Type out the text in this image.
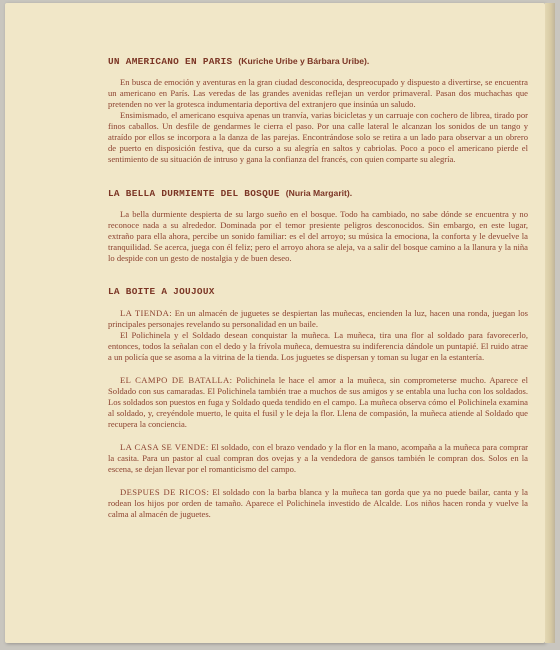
UN AMERICANO EN PARIS (Kuriche Uribe y Bárbara Uribe).

En busca de emoción y aventuras en la gran ciudad desconocida, despreocupado y dispuesto a divertirse, se encuentra un americano en París. Las veredas de las grandes avenidas reflejan un verdor primaveral. Pasan dos muchachas que pretenden no ver la grotesca indumentaria deportiva del extranjero que insinúa un saludo.

Ensimismado, el americano esquiva apenas un tranvía, varias bicicletas y un carruaje con cochero de librea, tirado por finos caballos. Un desfile de gendarmes le cierra el paso. Por una calle lateral le alcanzan los sonidos de un tango y atraído por ellos se incorpora a la danza de las parejas. Encontrándose solo se retira a un lado para observar a un obrero de puerto en disposición festiva, que da curso a su alegría en saltos y cabriolas. Poco a poco el americano pierde el sentimiento de su situación de intruso y gana la confianza del francés, con quien comparte su alegría.

LA BELLA DURMIENTE DEL BOSQUE (Nuria Margarit).

La bella durmiente despierta de su largo sueño en el bosque. Todo ha cambiado, no sabe dónde se encuentra y no reconoce nada a su alrededor. Dominada por el temor presiente peligros desconocidos. Sin embargo, en este lugar, extraño para ella ahora, percibe un sonido familiar: es el del arroyo; su música la emociona, la conforta y le devuelve la tranquilidad. Se acerca, juega con él feliz; pero el arroyo ahora se aleja, va a salir del bosque camino a la llanura y la niña lo despide con un gesto de nostalgia y de buen deseo.

LA BOITE A JOUJOUX

LA TIENDA: En un almacén de juguetes se despiertan las muñecas, encienden la luz, hacen una ronda, juegan los principales personajes revelando su personalidad en un baile.

El Polichinela y el Soldado desean conquistar la muñeca. La muñeca, tira una flor al soldado para favorecerlo, entonces, todos la señalan con el dedo y la frívola muñeca, demuestra su indiferencia dándole un puntapié. El ruido atrae a un policía que se asoma a la vitrina de la tienda. Los juguetes se dispersan y toman su lugar en la estantería.

EL CAMPO DE BATALLA: Polichinela le hace el amor a la muñeca, sin comprometerse mucho. Aparece el Soldado con sus camaradas. El Polichinela también trae a muchos de sus amigos y se entabla una lucha con los soldados. Los soldados son puestos en fuga y Soldado queda tendido en el campo. La muñeca observa cómo el Polichinela examina al soldado, y, creyéndole muerto, le quita el fusil y le deja la flor. Llena de compasión, la muñeca atiende al Soldado que recupera la conciencia.

LA CASA SE VENDE: El soldado, con el brazo vendado y la flor en la mano, acompaña a la muñeca para comprar la casita. Para un pastor al cual compran dos ovejas y a la vendedora de gansos también le compran dos. Solos en la escena, se dejan llevar por el romanticismo del campo.

DESPUES DE RICOS: El soldado con la barba blanca y la muñeca tan gorda que ya no puede bailar, canta y la rodean los hijos por orden de tamaño. Aparece el Polichinela investido de Alcalde. Los niños hacen ronda y vuelve la calma al almacén de juguetes.
